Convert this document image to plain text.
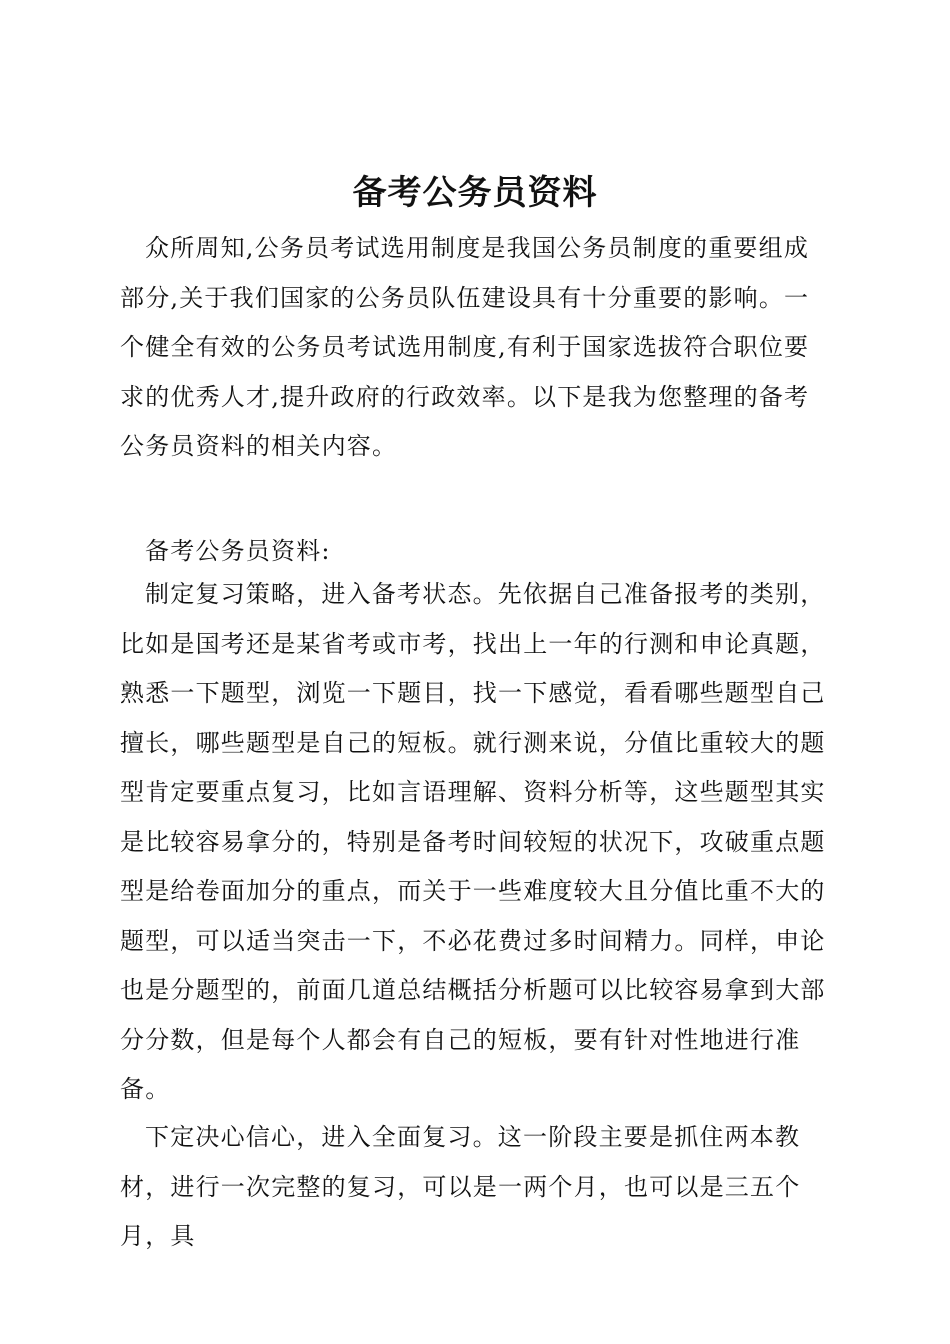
备考公务员资料

众所周知,公务员考试选用制度是我国公务员制度的重要组成部分,关于我们国家的公务员队伍建设具有十分重要的影响。一个健全有效的公务员考试选用制度,有利于国家选拔符合职位要求的优秀人才,提升政府的行政效率。以下是我为您整理的备考公务员资料的相关内容。

备考公务员资料:

制定复习策略，进入备考状态。先依据自己准备报考的类别，比如是国考还是某省考或市考，找出上一年的行测和申论真题，熟悉一下题型，浏览一下题目，找一下感觉，看看哪些题型自己擅长，哪些题型是自己的短板。就行测来说，分值比重较大的题型肯定要重点复习，比如言语理解、资料分析等，这些题型其实是比较容易拿分的，特别是备考时间较短的状况下，攻破重点题型是给卷面加分的重点，而关于一些难度较大且分值比重不大的题型，可以适当突击一下，不必花费过多时间精力。同样，申论也是分题型的，前面几道总结概括分析题可以比较容易拿到大部分分数，但是每个人都会有自己的短板，要有针对性地进行准备。

下定决心信心，进入全面复习。这一阶段主要是抓住两本教材，进行一次完整的复习，可以是一两个月，也可以是三五个月，具
